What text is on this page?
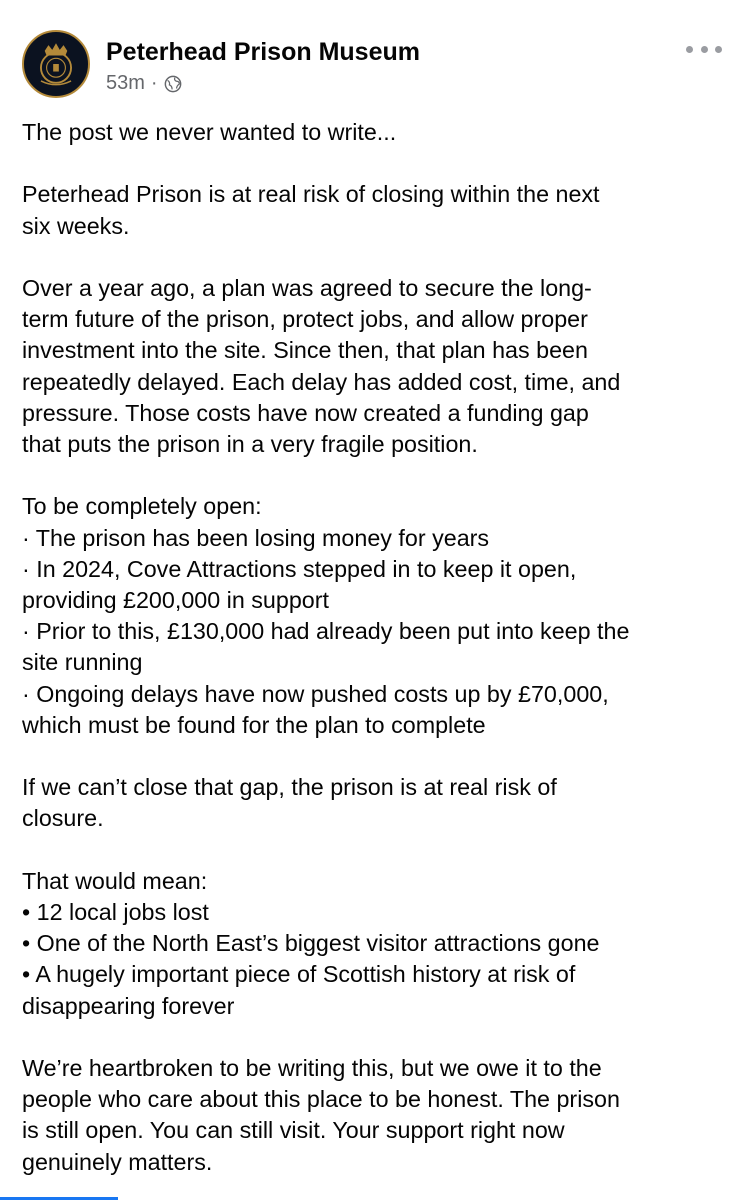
Peterhead Prison Museum
53m ·

The post we never wanted to write...

Peterhead Prison is at real risk of closing within the next

six weeks.

Over a year ago, a plan was agreed to secure the long-

term future of the prison, protect jobs, and allow proper

investment into the site. Since then, that plan has been

repeatedly delayed. Each delay has added cost, time, and

pressure. Those costs have now created a funding gap

that puts the prison in a very fragile position.

To be completely open:

· The prison has been losing money for years

· In 2024, Cove Attractions stepped in to keep it open,

providing £200,000 in support

· Prior to this, £130,000 had already been put into keep the

site running

· Ongoing delays have now pushed costs up by £70,000,

which must be found for the plan to complete

If we can’t close that gap, the prison is at real risk of

closure.

That would mean:

• 12 local jobs lost

• One of the North East’s biggest visitor attractions gone

• A hugely important piece of Scottish history at risk of

disappearing forever

We’re heartbroken to be writing this, but we owe it to the

people who care about this place to be honest. The prison

is still open. You can still visit. Your support right now

genuinely matters.
